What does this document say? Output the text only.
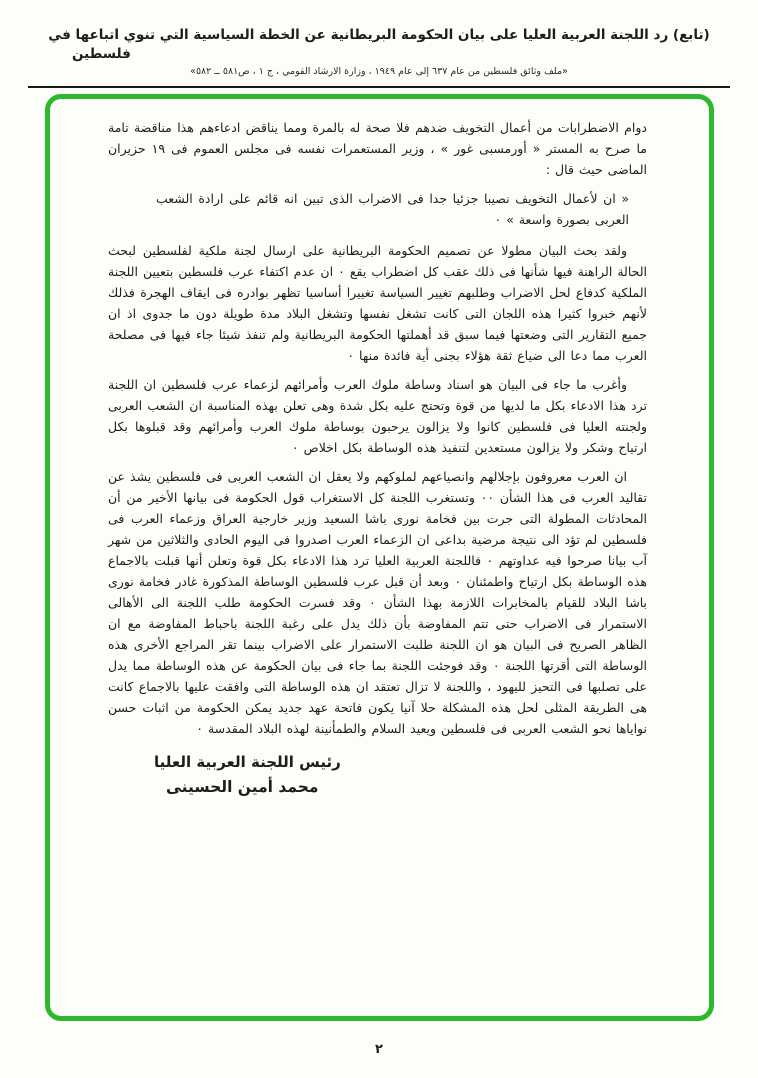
(تابع) رد اللجنة العربية العليا على بيان الحكومة البريطانية عن الخطة السياسية التي تنوي اتباعها في
فلسطين
«ملف وثائق فلسطين من عام ٦٣٧ إلى عام ١٩٤٩ ، وزارة الارشاد القومي ، ج ١ ، ص٥٨١ ــ ٥٨٢»

دوام الاضطرابات من أعمال التخويف ضدهم فلا صحة له بالمرة ومما يناقض ادعاءهم هذا مناقضة تامة ما صرح به المستر « أورمسبى غور » ، وزير المستعمرات نفسه فى مجلس العموم فى ١٩ حزيران الماضى حيث قال :

« ان لأعمال التخويف نصيبا جزئيا جدا فى الاضراب الذى تبين انه قائم على ارادة الشعب العربى بصورة واسعة » ٠

ولقد بحث البيان مطولا عن تصميم الحكومة البريطانية على ارسال لجنة ملكية لفلسطين لبحث الحالة الراهنة فيها شأنها فى ذلك عقب كل اضطراب يقع ٠ ان عدم اكتفاء عرب فلسطين بتعيين اللجنة الملكية كدفاع لحل الاضراب وطلبهم تغيير السياسة تغييرا أساسيا تظهر بوادره فى ايقاف الهجرة فذلك لأنهم خبروا كثيرا هذه اللجان التى كانت تشغل نفسها وتشغل البلاد مدة طويلة دون ما جدوى اذ ان جميع التقارير التى وضعتها فيما سبق قد أهملتها الحكومة البريطانية ولم تنفذ شيئا جاء فيها فى مصلحة العرب مما دعا الى ضياع ثقة هؤلاء بجنى أية فائدة منها ٠

وأغرب ما جاء فى البيان هو اسناد وساطة ملوك العرب وأمرائهم لزعماء عرب فلسطين ان اللجنة ترد هذا الادعاء بكل ما لديها من قوة وتحتج عليه بكل شدة وهى تعلن بهذه المناسبة ان الشعب العربى ولجنته العليا فى فلسطين كانوا ولا يزالون يرحبون بوساطة ملوك العرب وأمرائهم وقد قبلوها بكل ارتياح وشكر ولا يزالون مستعدين لتنفيذ هذه الوساطة بكل اخلاص ٠

ان العرب معروفون بإجلالهم وانصياعهم لملوكهم ولا يعقل ان الشعب العربى فى فلسطين يشذ عن تقاليد العرب فى هذا الشأن ٠٠ وتستغرب اللجنة كل الاستغراب قول الحكومة فى بيانها الأخير من أن المحادثات المطولة التى جرت بين فخامة نورى باشا السعيد وزير خارجية العراق وزعماء العرب فى فلسطين لم تؤد الى نتيجة مرضية بداعى ان الزعماء العرب اصدروا فى اليوم الحادى والثلاثين من شهر آب بيانا صرحوا فيه عداوتهم ٠ فاللجنة العربية العليا ترد هذا الادعاء بكل قوة وتعلن أنها قبلت بالاجماع هذه الوساطة بكل ارتياح واطمئنان ٠ وبعد أن قبل عرب فلسطين الوساطة المذكورة غادر فخامة نورى باشا البلاد للقيام بالمخابرات اللازمة بهذا الشأن ٠ وقد فسرت الحكومة طلب اللجنة الى الأهالى الاستمرار فى الاضراب حتى تتم المفاوضة بأن ذلك يدل على رغبة اللجنة باحباط المفاوضة مع ان الظاهر الصريح فى البيان هو ان اللجنة طلبت الاستمرار على الاضراب بينما تقر المراجع الأخرى هذه الوساطة التى أقرتها اللجنة ٠ وقد فوجئت اللجنة بما جاء فى بيان الحكومة عن هذه الوساطة مما يدل على تصلبها فى التحيز لليهود ، واللجنة لا تزال تعتقد ان هذه الوساطة التى وافقت عليها بالاجماع كانت هى الطريقة المثلى لحل هذه المشكلة حلا آنيا يكون فاتحة عهد جديد يمكن الحكومة من اثبات حسن نواياها نحو الشعب العربى فى فلسطين ويعيد السلام والطمأنينة لهذه البلاد المقدسة ٠

رئيس اللجنة العربية العليا
محمد أمين الحسينى
٢
